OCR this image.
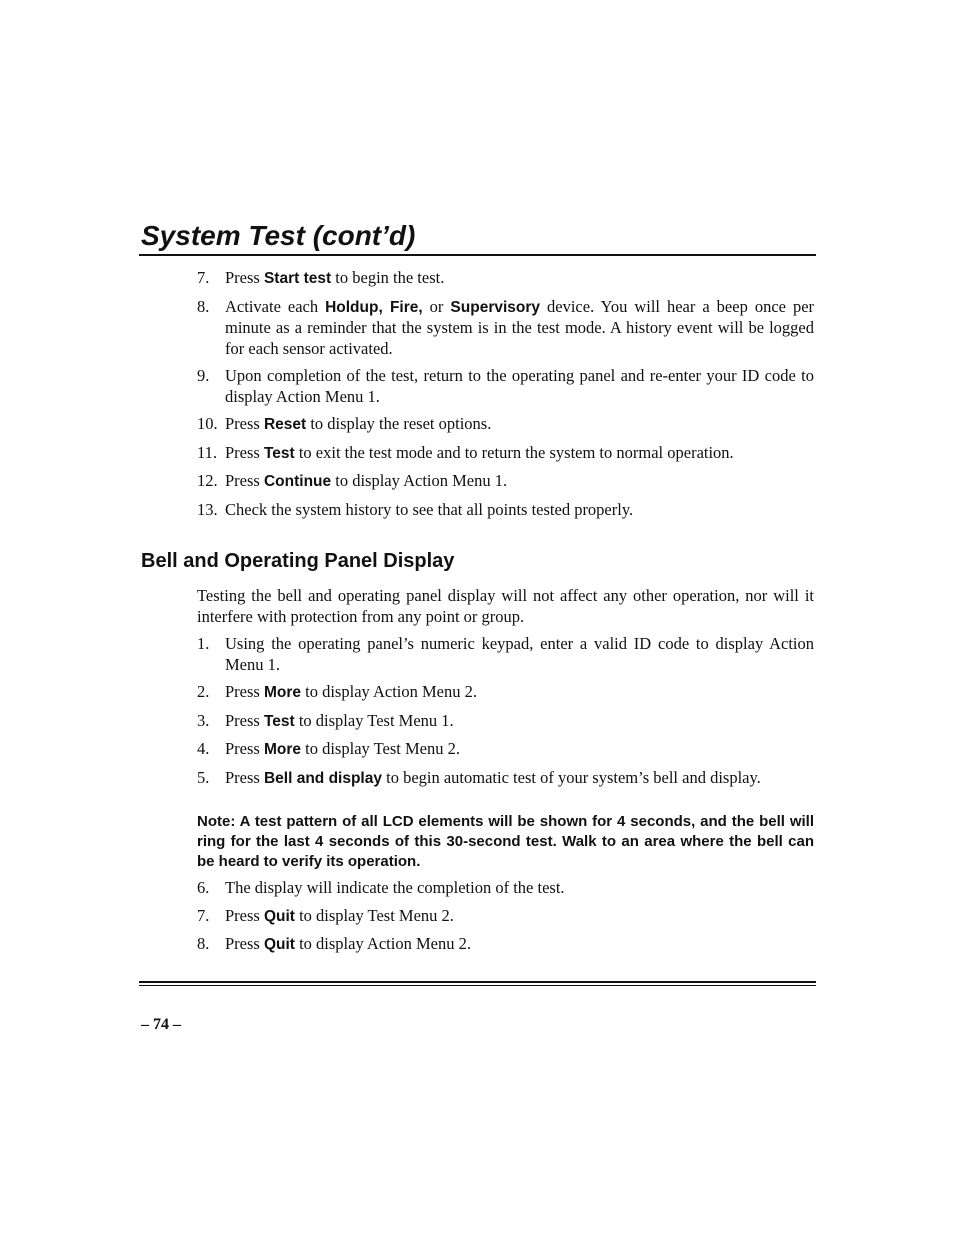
System Test (cont’d)
7. Press Start test to begin the test.
8. Activate each Holdup, Fire, or Supervisory device. You will hear a beep once per minute as a reminder that the system is in the test mode. A history event will be logged for each sensor activated.
9. Upon completion of the test, return to the operating panel and re-enter your ID code to display Action Menu 1.
10. Press Reset to display the reset options.
11. Press Test to exit the test mode and to return the system to normal operation.
12. Press Continue to display Action Menu 1.
13. Check the system history to see that all points tested properly.
Bell and Operating Panel Display

Testing the bell and operating panel display will not affect any other operation, nor will it interfere with protection from any point or group.

1. Using the operating panel’s numeric keypad, enter a valid ID code to display Action Menu 1.
2. Press More to display Action Menu 2.
3. Press Test to display Test Menu 1.
4. Press More to display Test Menu 2.
5. Press Bell and display to begin automatic test of your system’s bell and display.

Note: A test pattern of all LCD elements will be shown for 4 seconds, and the bell will ring for the last 4 seconds of this 30-second test. Walk to an area where the bell can be heard to verify its operation.

6. The display will indicate the completion of the test.
7. Press Quit to display Test Menu 2.
8. Press Quit to display Action Menu 2.

– 74 –
